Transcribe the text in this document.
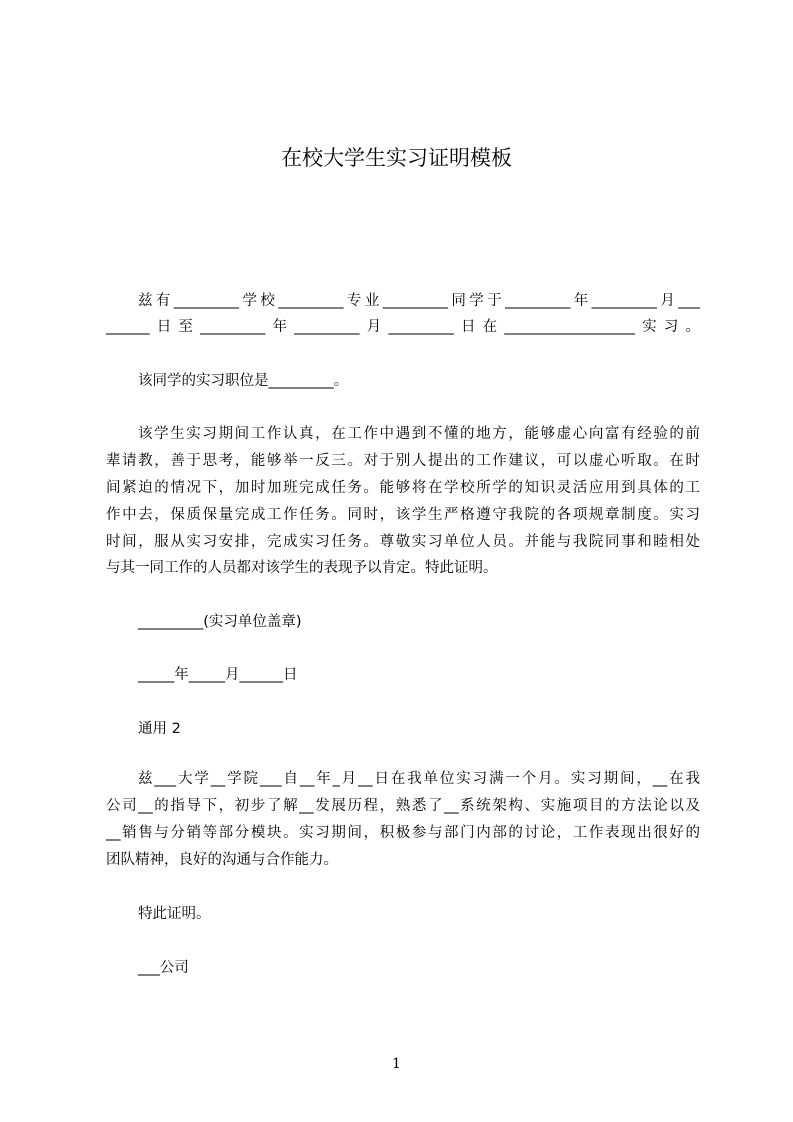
在校大学生实习证明模板
兹有_________学校_________专业_________同学于_________年_________月___
______日至_________年_________月_________日在__________________实习。
该同学的实习职位是_________。
该学生实习期间工作认真，在工作中遇到不懂的地方，能够虚心向富有经验的前
辈请教，善于思考，能够举一反三。对于别人提出的工作建议，可以虚心听取。在时
间紧迫的情况下，加时加班完成任务。能够将在学校所学的知识灵活应用到具体的工
作中去，保质保量完成工作任务。同时，该学生严格遵守我院的各项规章制度。实习
时间，服从实习安排，完成实习任务。尊敬实习单位人员。并能与我院同事和睦相处
与其一同工作的人员都对该学生的表现予以肯定。特此证明。
_________(实习单位盖章)
_____年_____月______日
通用 2
兹___大学__学院___自__年_月__日在我单位实习满一个月。实习期间，__在我
公司__的指导下，初步了解__发展历程，熟悉了__系统架构、实施项目的方法论以及
__销售与分销等部分模块。实习期间，积极参与部门内部的讨论，工作表现出很好的
团队精神，良好的沟通与合作能力。
特此证明。
___公司
1
